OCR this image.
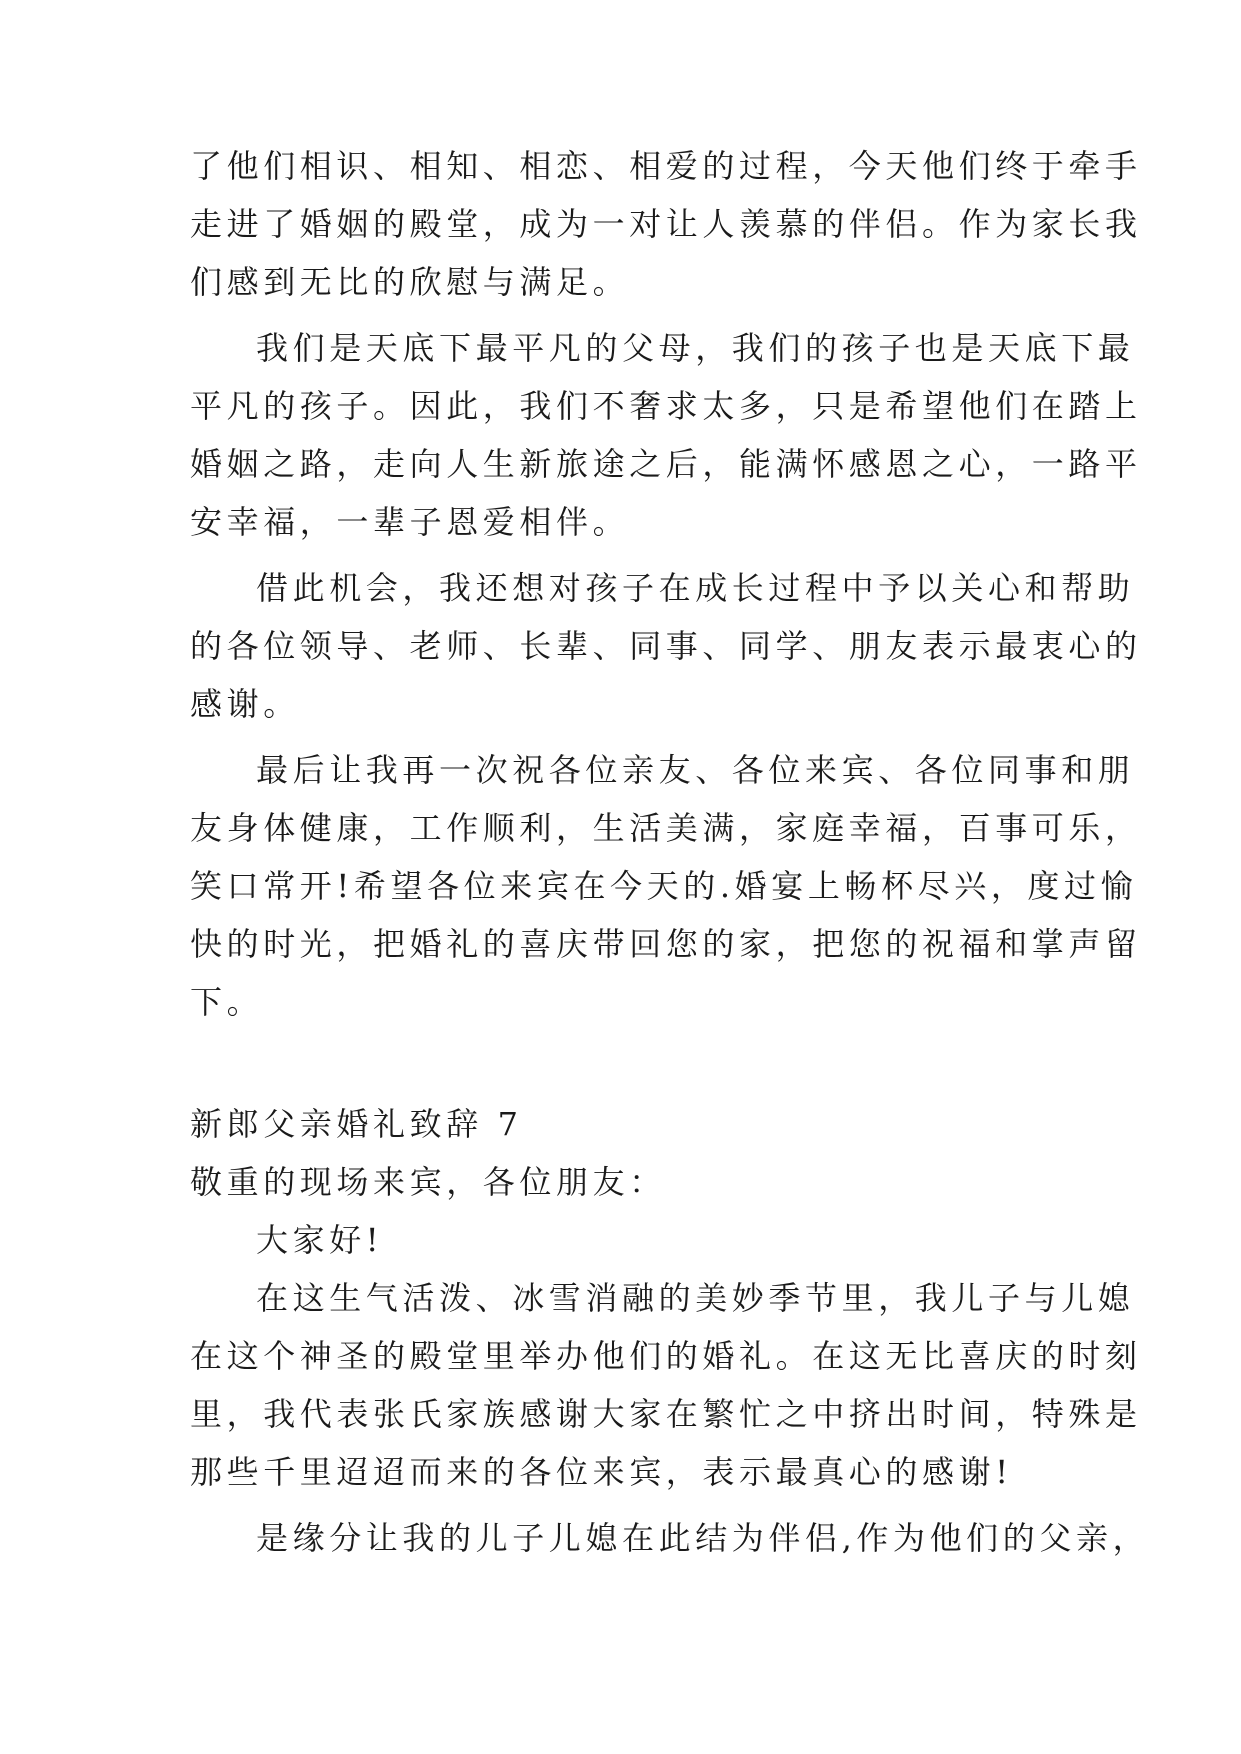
了他们相识、相知、相恋、相爱的过程，今天他们终于牵手
走进了婚姻的殿堂，成为一对让人羡慕的伴侣。作为家长我
们感到无比的欣慰与满足。
我们是天底下最平凡的父母，我们的孩子也是天底下最
平凡的孩子。因此，我们不奢求太多，只是希望他们在踏上
婚姻之路，走向人生新旅途之后，能满怀感恩之心，一路平
安幸福，一辈子恩爱相伴。
借此机会，我还想对孩子在成长过程中予以关心和帮助
的各位领导、老师、长辈、同事、同学、朋友表示最衷心的
感谢。
最后让我再一次祝各位亲友、各位来宾、各位同事和朋
友身体健康，工作顺利，生活美满，家庭幸福，百事可乐，
笑口常开!希望各位来宾在今天的.婚宴上畅杯尽兴，度过愉
快的时光，把婚礼的喜庆带回您的家，把您的祝福和掌声留
下。
新郎父亲婚礼致辞 7
敬重的现场来宾，各位朋友：
大家好!
在这生气活泼、冰雪消融的美妙季节里，我儿子与儿媳
在这个神圣的殿堂里举办他们的婚礼。在这无比喜庆的时刻
里，我代表张氏家族感谢大家在繁忙之中挤出时间，特殊是
那些千里迢迢而来的各位来宾，表示最真心的感谢!
是缘分让我的儿子儿媳在此结为伴侣,作为他们的父亲，
